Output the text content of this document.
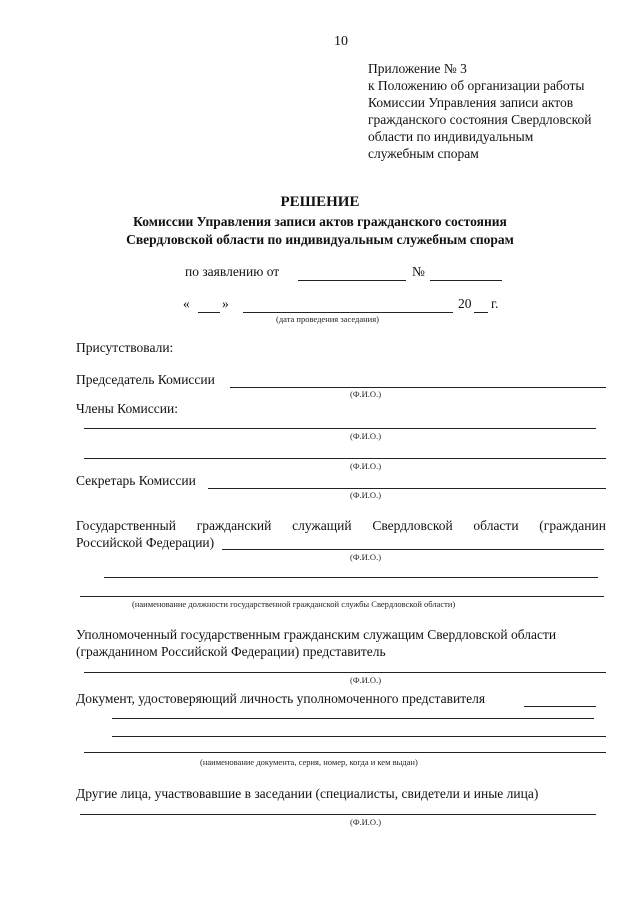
10
Приложение № 3
к Положению об организации работы
Комиссии Управления записи актов
гражданского состояния Свердловской
области по индивидуальным
служебным спорам
РЕШЕНИЕ
Комиссии Управления записи актов гражданского состояния
Свердловской области по индивидуальным служебным спорам
по заявлению от	№
« »	20 г.
(дата проведения заседания)
Присутствовали:
Председатель Комиссии
(Ф.И.О.)
Члены Комиссии:
(Ф.И.О.)
(Ф.И.О.)
Секретарь Комиссии
(Ф.И.О.)
Государственный гражданский служащий Свердловской области (гражданин
Российской Федерации)
(Ф.И.О.)
(наименование должности государственной гражданской службы Свердловской области)
Уполномоченный государственным гражданским служащим Свердловской области
(гражданином Российской Федерации) представитель
(Ф.И.О.)
Документ, удостоверяющий личность уполномоченного представителя
(наименование документа, серия, номер, когда и кем выдан)
Другие лица, участвовавшие в заседании (специалисты, свидетели и иные лица)
(Ф.И.О.)
